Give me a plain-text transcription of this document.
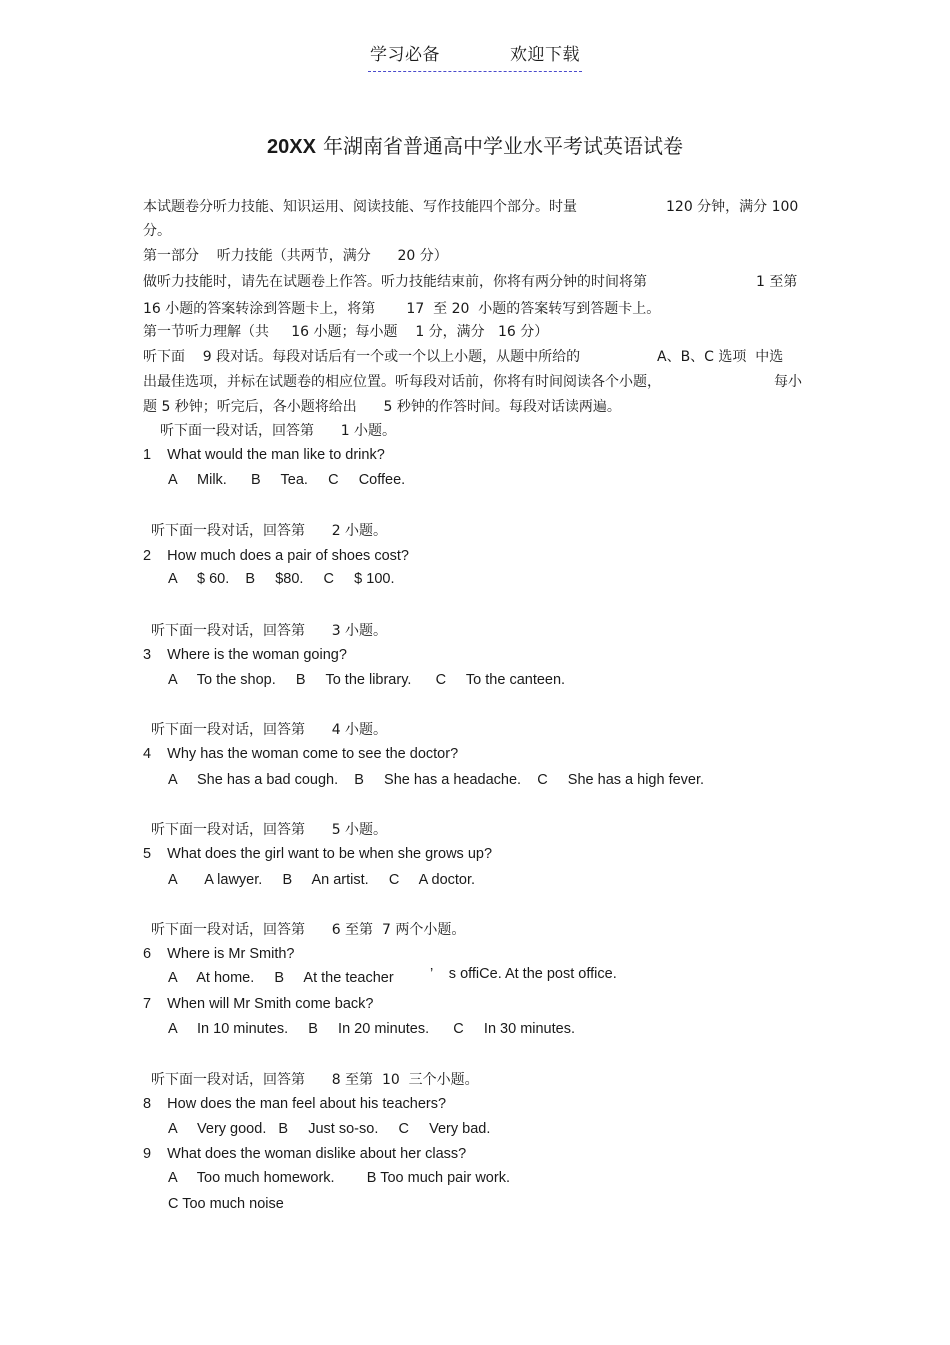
学习必备	欢迎下载
20XX 年湖南省普通高中学业水平考试英语试卷
本试题卷分听力技能、知识运用、阅读技能、写作技能四个部分。时量	120 分钟，满分 100
分。
第一部分    听力技能（共两节，满分      20 分）
做听力技能时，请先在试题卷上作答。听力技能结束前，你将有两分钟的时间将第	1 至第
16 小题的答案转涂到答题卡上，将第       17  至 20  小题的答案转写到答题卡上。
第一节听力理解（共     16 小题；每小题    1 分，满分   16 分）
听下面    9 段对话。每段对话后有一个或一个以上小题，从题中所给的	A、B、C 选项  中选
出最佳选项，并标在试题卷的相应位置。听每段对话前，你将有时间阅读各个小题，	每小
题 5 秒钟；听完后，各小题将给出      5 秒钟的作答时间。每段对话读两遍。
听下面一段对话，回答第      1 小题。
1    What would the man like to drink?
A     Milk.      B     Tea.     C     Coffee.
听下面一段对话，回答第      2 小题。
2    How much does a pair of shoes cost?
A     $ 60.    B     $80.     C     $ 100.
听下面一段对话，回答第      3 小题。
3    Where is the woman going?
A     To the shop.     B     To the library.      C     To the canteen.
听下面一段对话，回答第      4 小题。
4    Why has the woman come to see the doctor?
A     She has a bad cough.    B     She has a headache.    C     She has a high fever.
听下面一段对话，回答第      5 小题。
5    What does the girl want to be when she grows up?
A       A lawyer.     B     An artist.     C     A doctor.
听下面一段对话，回答第      6 至第  7 两个小题。
6    Where is Mr Smith?
A     At home.     B     At the teacher	’    s offiCe. At the post office.
7    When will Mr Smith come back?
A     In 10 minutes.     B     In 20 minutes.      C     In 30 minutes.
听下面一段对话，回答第      8 至第  10  三个小题。
8    How does the man feel about his teachers?
A     Very good.   B     Just so-so.     C     Very bad.
9    What does the woman dislike about her class?
A     Too much homework.        B Too much pair work.
C Too much noise
